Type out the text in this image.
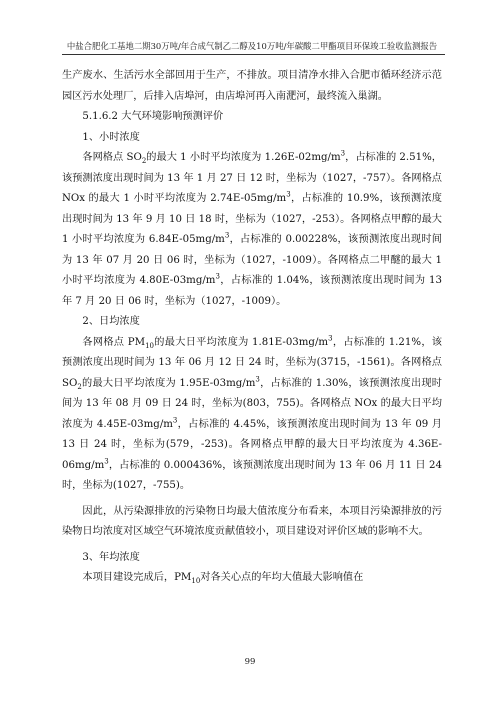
中盐合肥化工基地二期30万吨/年合成气制乙二醇及10万吨/年碳酸二甲酯项目环保竣工验收监测报告

生产废水、生活污水全部回用于生产，不排放。项目清净水排入合肥市循环经济示范园区污水处理厂，后排入店埠河，由店埠河再入南淝河，最终流入巢湖。

5.1.6.2 大气环境影响预测评价

1、小时浓度

各网格点 $SO_2$的最大 1 小时平均浓度为 $1.26E-02mg/m^3$，占标准的 2.51%，该预测浓度出现时间为 13 年 1 月 27 日 12 时，坐标为（1027，-757）。各网格点 NOx 的最大 1 小时平均浓度为 $2.74E-05mg/m^3$，占标准的 10.9%，该预测浓度出现时间为 13 年 9 月 10 日 18 时，坐标为（1027，-253）。各网格点甲醇的最大 1 小时平均浓度为 $6.84E-05mg/m^3$，占标准的 0.00228%，该预测浓度出现时间为 13 年 07 月 20 日 06 时，坐标为（1027，-1009）。各网格点二甲醚的最大 1 小时平均浓度为 $4.80E-03mg/m^3$，占标准的 1.04%，该预测浓度出现时间为 13 年 7 月 20 日 06 时，坐标为（1027，-1009）。

2、日均浓度

各网格点 $PM_{10}$的最大日平均浓度为 $1.81E-03mg/m^3$，占标准的 1.21%，该预测浓度出现时间为 13 年 06 月 12 日 24 时，坐标为(3715，-1561)。各网格点 $SO_2$的最大日平均浓度为 $1.95E-03mg/m^3$，占标准的 1.30%，该预测浓度出现时间为 13 年 08 月 09 日 24 时，坐标为(803，755)。各网格点 NOx 的最大日平均浓度为 $4.45E-03mg/m^3$，占标准的 4.45%，该预测浓度出现时间为 13 年 09 月 13 日 24 时，坐标为(579，-253)。各网格点甲醇的最大日平均浓度为 $4.36E-06mg/m^3$，占标准的 0.000436%，该预测浓度出现时间为 13 年 06 月 11 日 24 时，坐标为(1027，-755)。

因此，从污染源排放的污染物日均最大值浓度分布看来，本项目污染源排放的污染物日均浓度对区域空气环境浓度贡献值较小，项目建设对评价区域的影响不大。

3、年均浓度

本项目建设完成后，$PM_{10}$对各关心点的年均大值最大影响值在

99
